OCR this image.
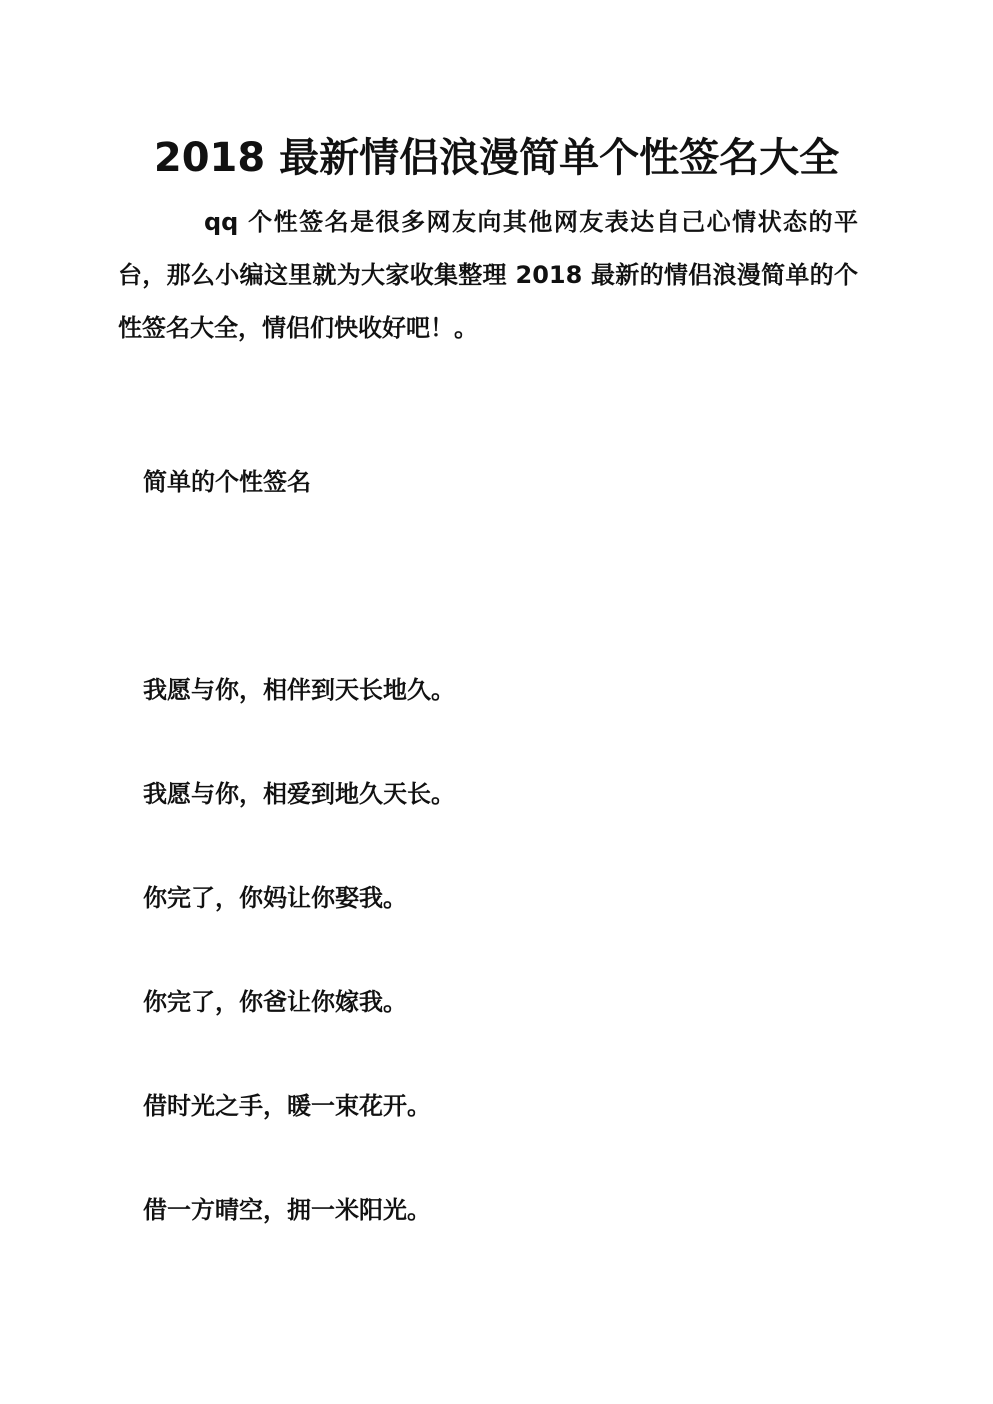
2018 最新情侣浪漫简单个性签名大全
qq 个性签名是很多网友向其他网友表达自己心情状态的平台，那么小编这里就为大家收集整理 2018 最新的情侣浪漫简单的个性签名大全，情侣们快收好吧！。
简单的个性签名
我愿与你，相伴到天长地久。
我愿与你，相爱到地久天长。
你完了，你妈让你娶我。
你完了，你爸让你嫁我。
借时光之手，暖一束花开。
借一方晴空，拥一米阳光。
